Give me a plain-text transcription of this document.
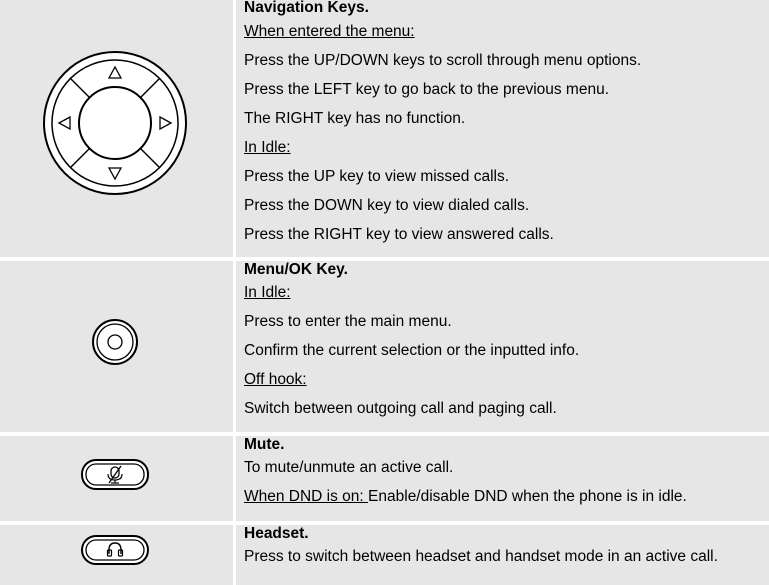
Navigation Keys.
When entered the menu:
Press the UP/DOWN keys to scroll through menu options.
Press the LEFT key to go back to the previous menu.
The RIGHT key has no function.
In Idle:
Press the UP key to view missed calls.
Press the DOWN key to view dialed calls.
Press the RIGHT key to view answered calls.
Menu/OK Key.
In Idle:
Press to enter the main menu.
Confirm the current selection or the inputted info.
Off hook:
Switch between outgoing call and paging call.
Mute.
To mute/unmute an active call.
When DND is on: Enable/disable DND when the phone is in idle.
Headset.
Press to switch between headset and handset mode in an active call.
